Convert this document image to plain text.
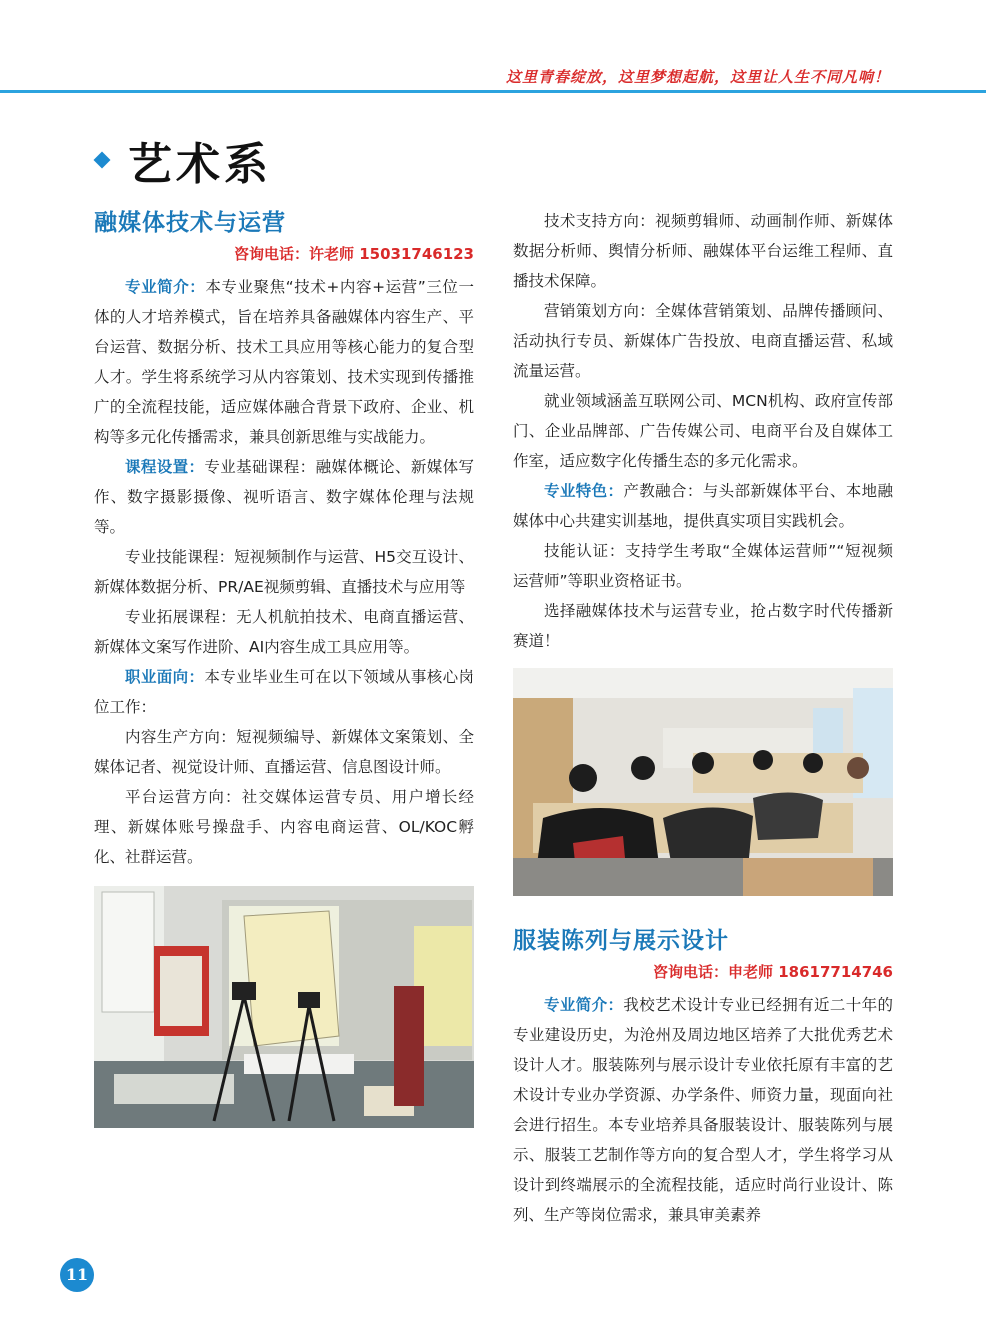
这里青春绽放，这里梦想起航，这里让人生不同凡响！
艺术系
融媒体技术与运营
咨询电话：许老师 15031746123

专业简介：本专业聚焦“技术+内容+运营”三位一体的人才培养模式，旨在培养具备融媒体内容生产、平台运营、数据分析、技术工具应用等核心能力的复合型人才。学生将系统学习从内容策划、技术实现到传播推广的全流程技能，适应媒体融合背景下政府、企业、机构等多元化传播需求，兼具创新思维与实战能力。

课程设置：专业基础课程：融媒体概论、新媒体写作、数字摄影摄像、视听语言、数字媒体伦理与法规等。

专业技能课程：短视频制作与运营、H5交互设计、新媒体数据分析、PR/AE视频剪辑、直播技术与应用等

专业拓展课程：无人机航拍技术、电商直播运营、新媒体文案写作进阶、AI内容生成工具应用等。

职业面向：本专业毕业生可在以下领域从事核心岗位工作：

内容生产方向：短视频编导、新媒体文案策划、全媒体记者、视觉设计师、直播运营、信息图设计师。

平台运营方向：社交媒体运营专员、用户增长经理、新媒体账号操盘手、内容电商运营、OL/KOC孵化、社群运营。

技术支持方向：视频剪辑师、动画制作师、新媒体数据分析师、舆情分析师、融媒体平台运维工程师、直播技术保障。

营销策划方向：全媒体营销策划、品牌传播顾问、活动执行专员、新媒体广告投放、电商直播运营、私域流量运营。

就业领域涵盖互联网公司、MCN机构、政府宣传部门、企业品牌部、广告传媒公司、电商平台及自媒体工作室，适应数字化传播生态的多元化需求。

专业特色：产教融合：与头部新媒体平台、本地融媒体中心共建实训基地，提供真实项目实践机会。

技能认证：支持学生考取“全媒体运营师”“短视频运营师”等职业资格证书。

选择融媒体技术与运营专业，抢占数字时代传播新赛道！

服装陈列与展示设计
咨询电话：申老师 18617714746

专业简介：我校艺术设计专业已经拥有近二十年的专业建设历史，为沧州及周边地区培养了大批优秀艺术设计人才。服装陈列与展示设计专业依托原有丰富的艺术设计专业办学资源、办学条件、师资力量，现面向社会进行招生。本专业培养具备服装设计、服装陈列与展示、服装工艺制作等方向的复合型人才，学生将学习从设计到终端展示的全流程技能，适应时尚行业设计、陈列、生产等岗位需求，兼具审美素养

11
